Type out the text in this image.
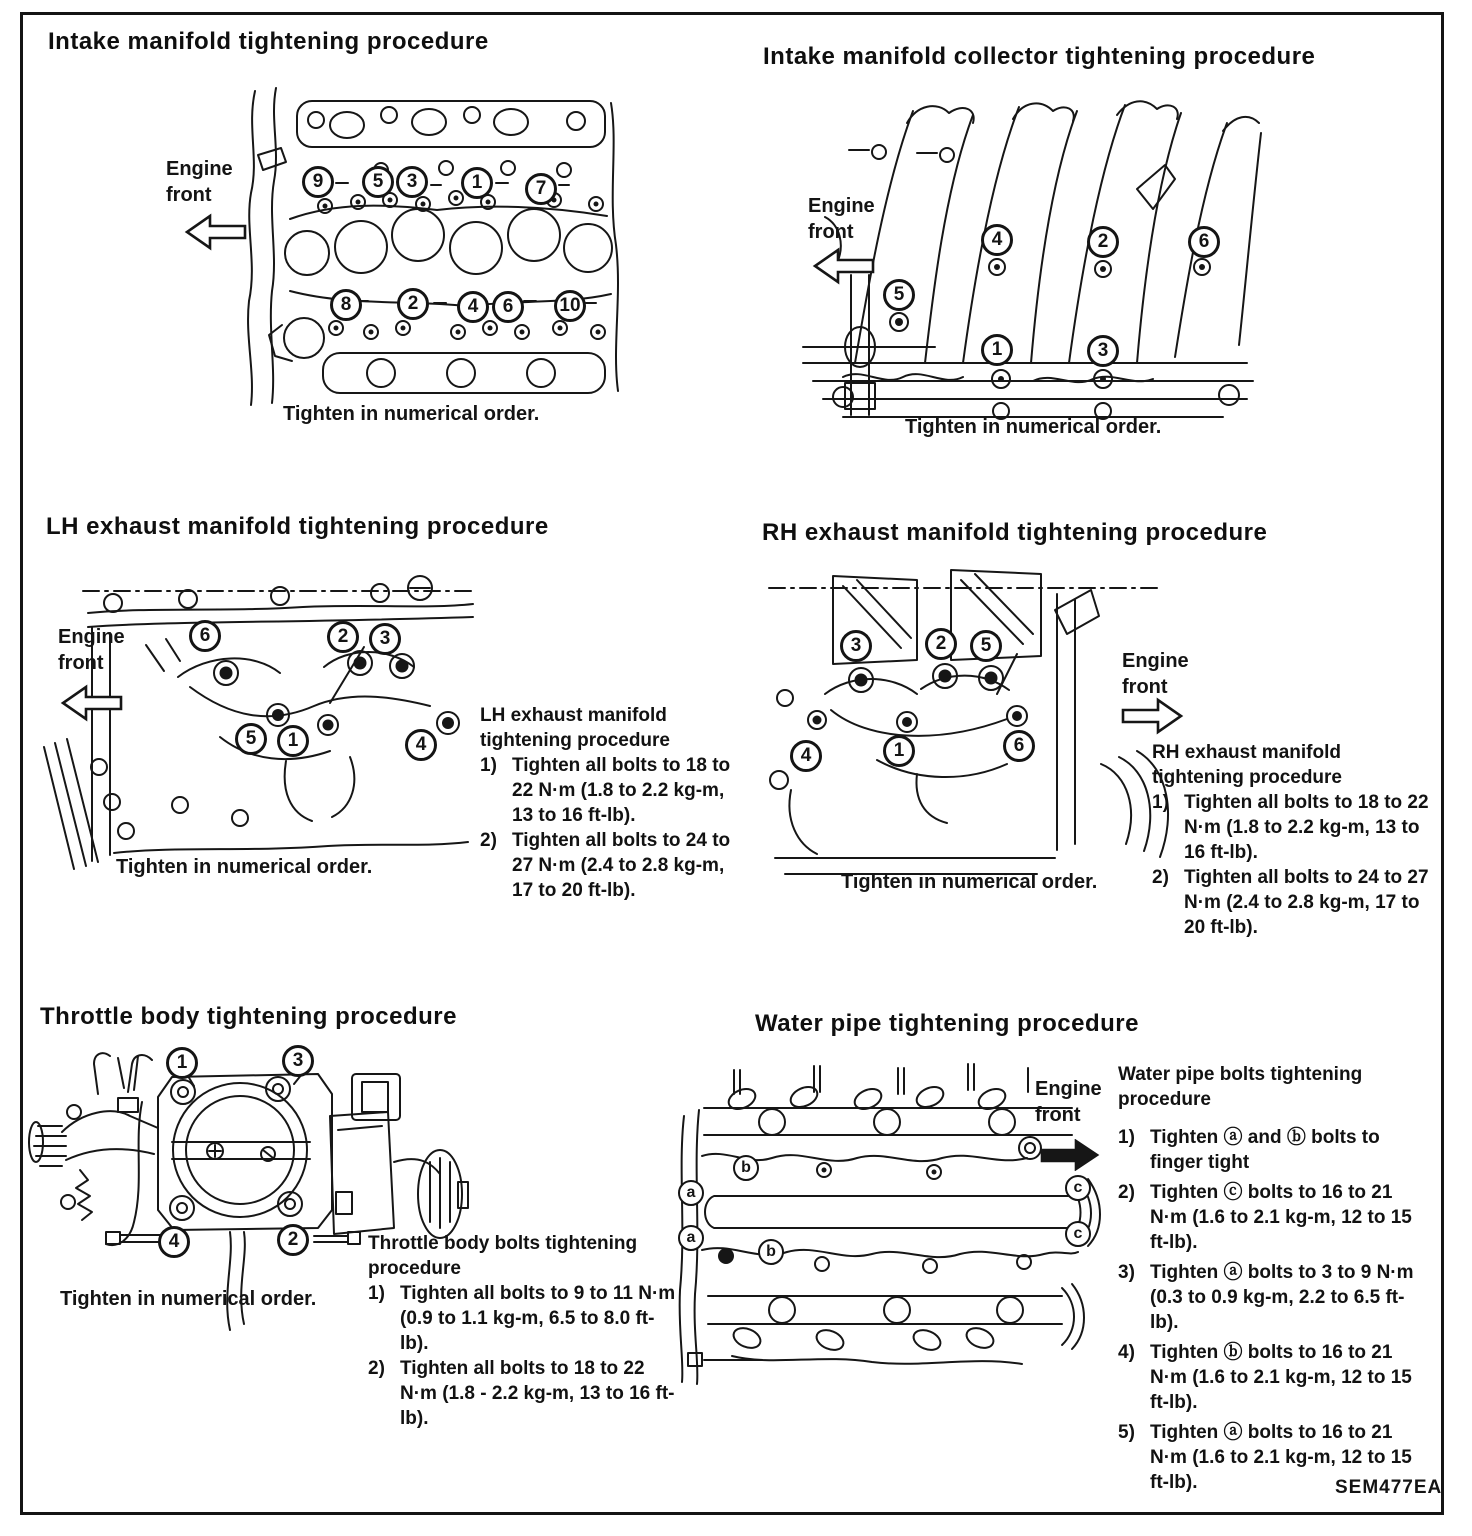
Intake manifold tightening procedure
Engine front
9	5	3	1	7
8	2	4	6	10
Tighten in numerical order.
Intake manifold collector tightening procedure
Engine front	4	2	6
5
1	3
Tighten in numerical order.
LH exhaust manifold tightening procedure
Engine front
6	2	3
5	1	4
Tighten in numerical order.
LH exhaust manifold tightening procedure
1) Tighten all bolts to 18 to 22 N·m (1.8 to 2.2 kg-m, 13 to 16 ft-lb).
2) Tighten all bolts to 24 to 27 N·m (2.4 to 2.8 kg-m, 17 to 20 ft-lb).
RH exhaust manifold tightening procedure
Engine front
3	2	5
4	1	6
Tighten in numerical order.
RH exhaust manifold tightening procedure
1) Tighten all bolts to 18 to 22 N·m (1.8 to 2.2 kg-m, 13 to 16 ft-lb).
2) Tighten all bolts to 24 to 27 N·m (2.4 to 2.8 kg-m, 17 to 20 ft-lb).
Throttle body tightening procedure
1	3
4	2
Tighten in numerical order.
Throttle body bolts tightening procedure
1) Tighten all bolts to 9 to 11 N·m (0.9 to 1.1 kg-m, 6.5 to 8.0 ft-lb).
2) Tighten all bolts to 18 to 22 N·m (1.8 - 2.2 kg-m, 13 to 16 ft-lb).
Water pipe tightening procedure
Engine front
b
a
a
b
c
c
Water pipe bolts tightening procedure
1) Tighten ⓐ and ⓑ bolts to finger tight
2) Tighten ⓒ bolts to 16 to 21 N·m (1.6 to 2.1 kg-m, 12 to 15 ft-lb).
3) Tighten ⓐ bolts to 3 to 9 N·m (0.3 to 0.9 kg-m, 2.2 to 6.5 ft-lb).
4) Tighten ⓑ bolts to 16 to 21 N·m (1.6 to 2.1 kg-m, 12 to 15 ft-lb).
5) Tighten ⓐ bolts to 16 to 21 N·m (1.6 to 2.1 kg-m, 12 to 15 ft-lb).	SEM477EA
